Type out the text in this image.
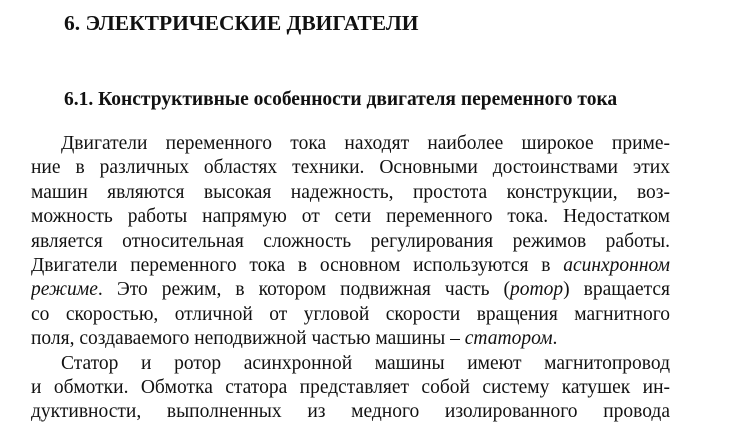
6. ЭЛЕКТРИЧЕСКИЕ ДВИГАТЕЛИ
6.1. Конструктивные особенности двигателя переменного тока
Двигатели переменного тока находят наиболее широкое приме-
ние в различных областях техники. Основными достоинствами этих
машин являются высокая надежность, простота конструкции, воз-
можность работы напрямую от сети переменного тока. Недостатком
является относительная сложность регулирования режимов работы.
Двигатели переменного тока в основном используются в асинхронном
режиме. Это режим, в котором подвижная часть (ротор) вращается
со скоростью, отличной от угловой скорости вращения магнитного
поля, создаваемого неподвижной частью машины – статором.
Статор и ротор асинхронной машины имеют магнитопровод
и обмотки. Обмотка статора представляет собой систему катушек ин-
дуктивности, выполненных из медного изолированного провода
